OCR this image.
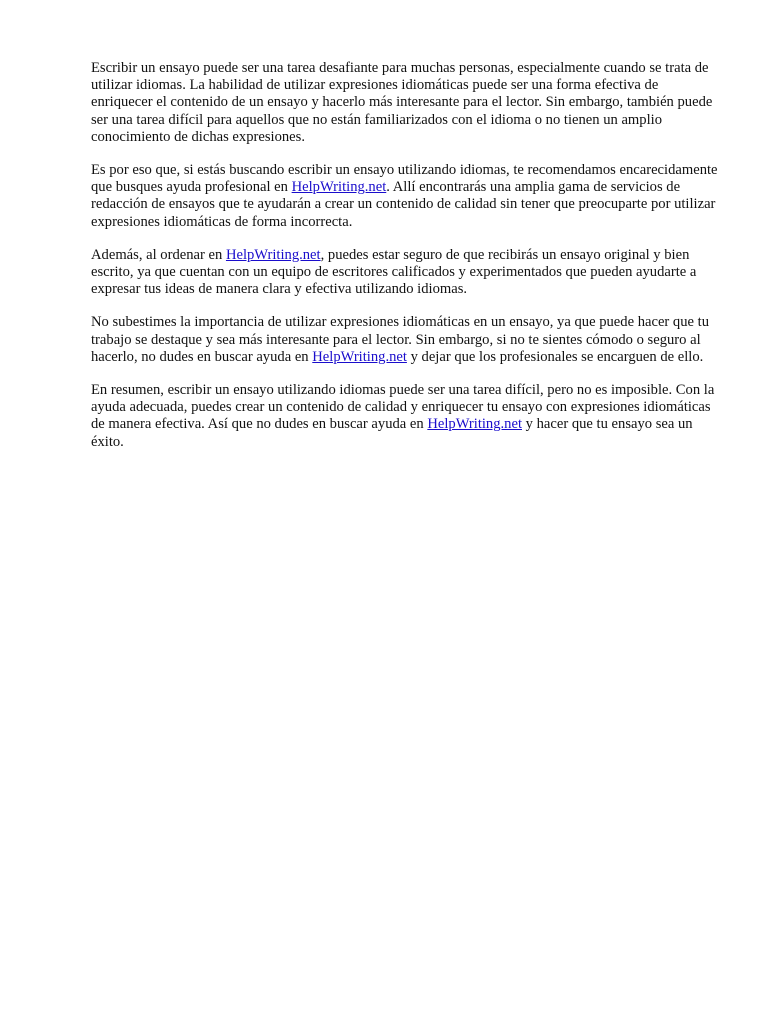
Escribir un ensayo puede ser una tarea desafiante para muchas personas, especialmente cuando se trata de utilizar idiomas. La habilidad de utilizar expresiones idiomáticas puede ser una forma efectiva de enriquecer el contenido de un ensayo y hacerlo más interesante para el lector. Sin embargo, también puede ser una tarea difícil para aquellos que no están familiarizados con el idioma o no tienen un amplio conocimiento de dichas expresiones.

Es por eso que, si estás buscando escribir un ensayo utilizando idiomas, te recomendamos encarecidamente que busques ayuda profesional en HelpWriting.net. Allí encontrarás una amplia gama de servicios de redacción de ensayos que te ayudarán a crear un contenido de calidad sin tener que preocuparte por utilizar expresiones idiomáticas de forma incorrecta.

Además, al ordenar en HelpWriting.net, puedes estar seguro de que recibirás un ensayo original y bien escrito, ya que cuentan con un equipo de escritores calificados y experimentados que pueden ayudarte a expresar tus ideas de manera clara y efectiva utilizando idiomas.

No subestimes la importancia de utilizar expresiones idiomáticas en un ensayo, ya que puede hacer que tu trabajo se destaque y sea más interesante para el lector. Sin embargo, si no te sientes cómodo o seguro al hacerlo, no dudes en buscar ayuda en HelpWriting.net y dejar que los profesionales se encarguen de ello.

En resumen, escribir un ensayo utilizando idiomas puede ser una tarea difícil, pero no es imposible. Con la ayuda adecuada, puedes crear un contenido de calidad y enriquecer tu ensayo con expresiones idiomáticas de manera efectiva. Así que no dudes en buscar ayuda en HelpWriting.net y hacer que tu ensayo sea un éxito.
